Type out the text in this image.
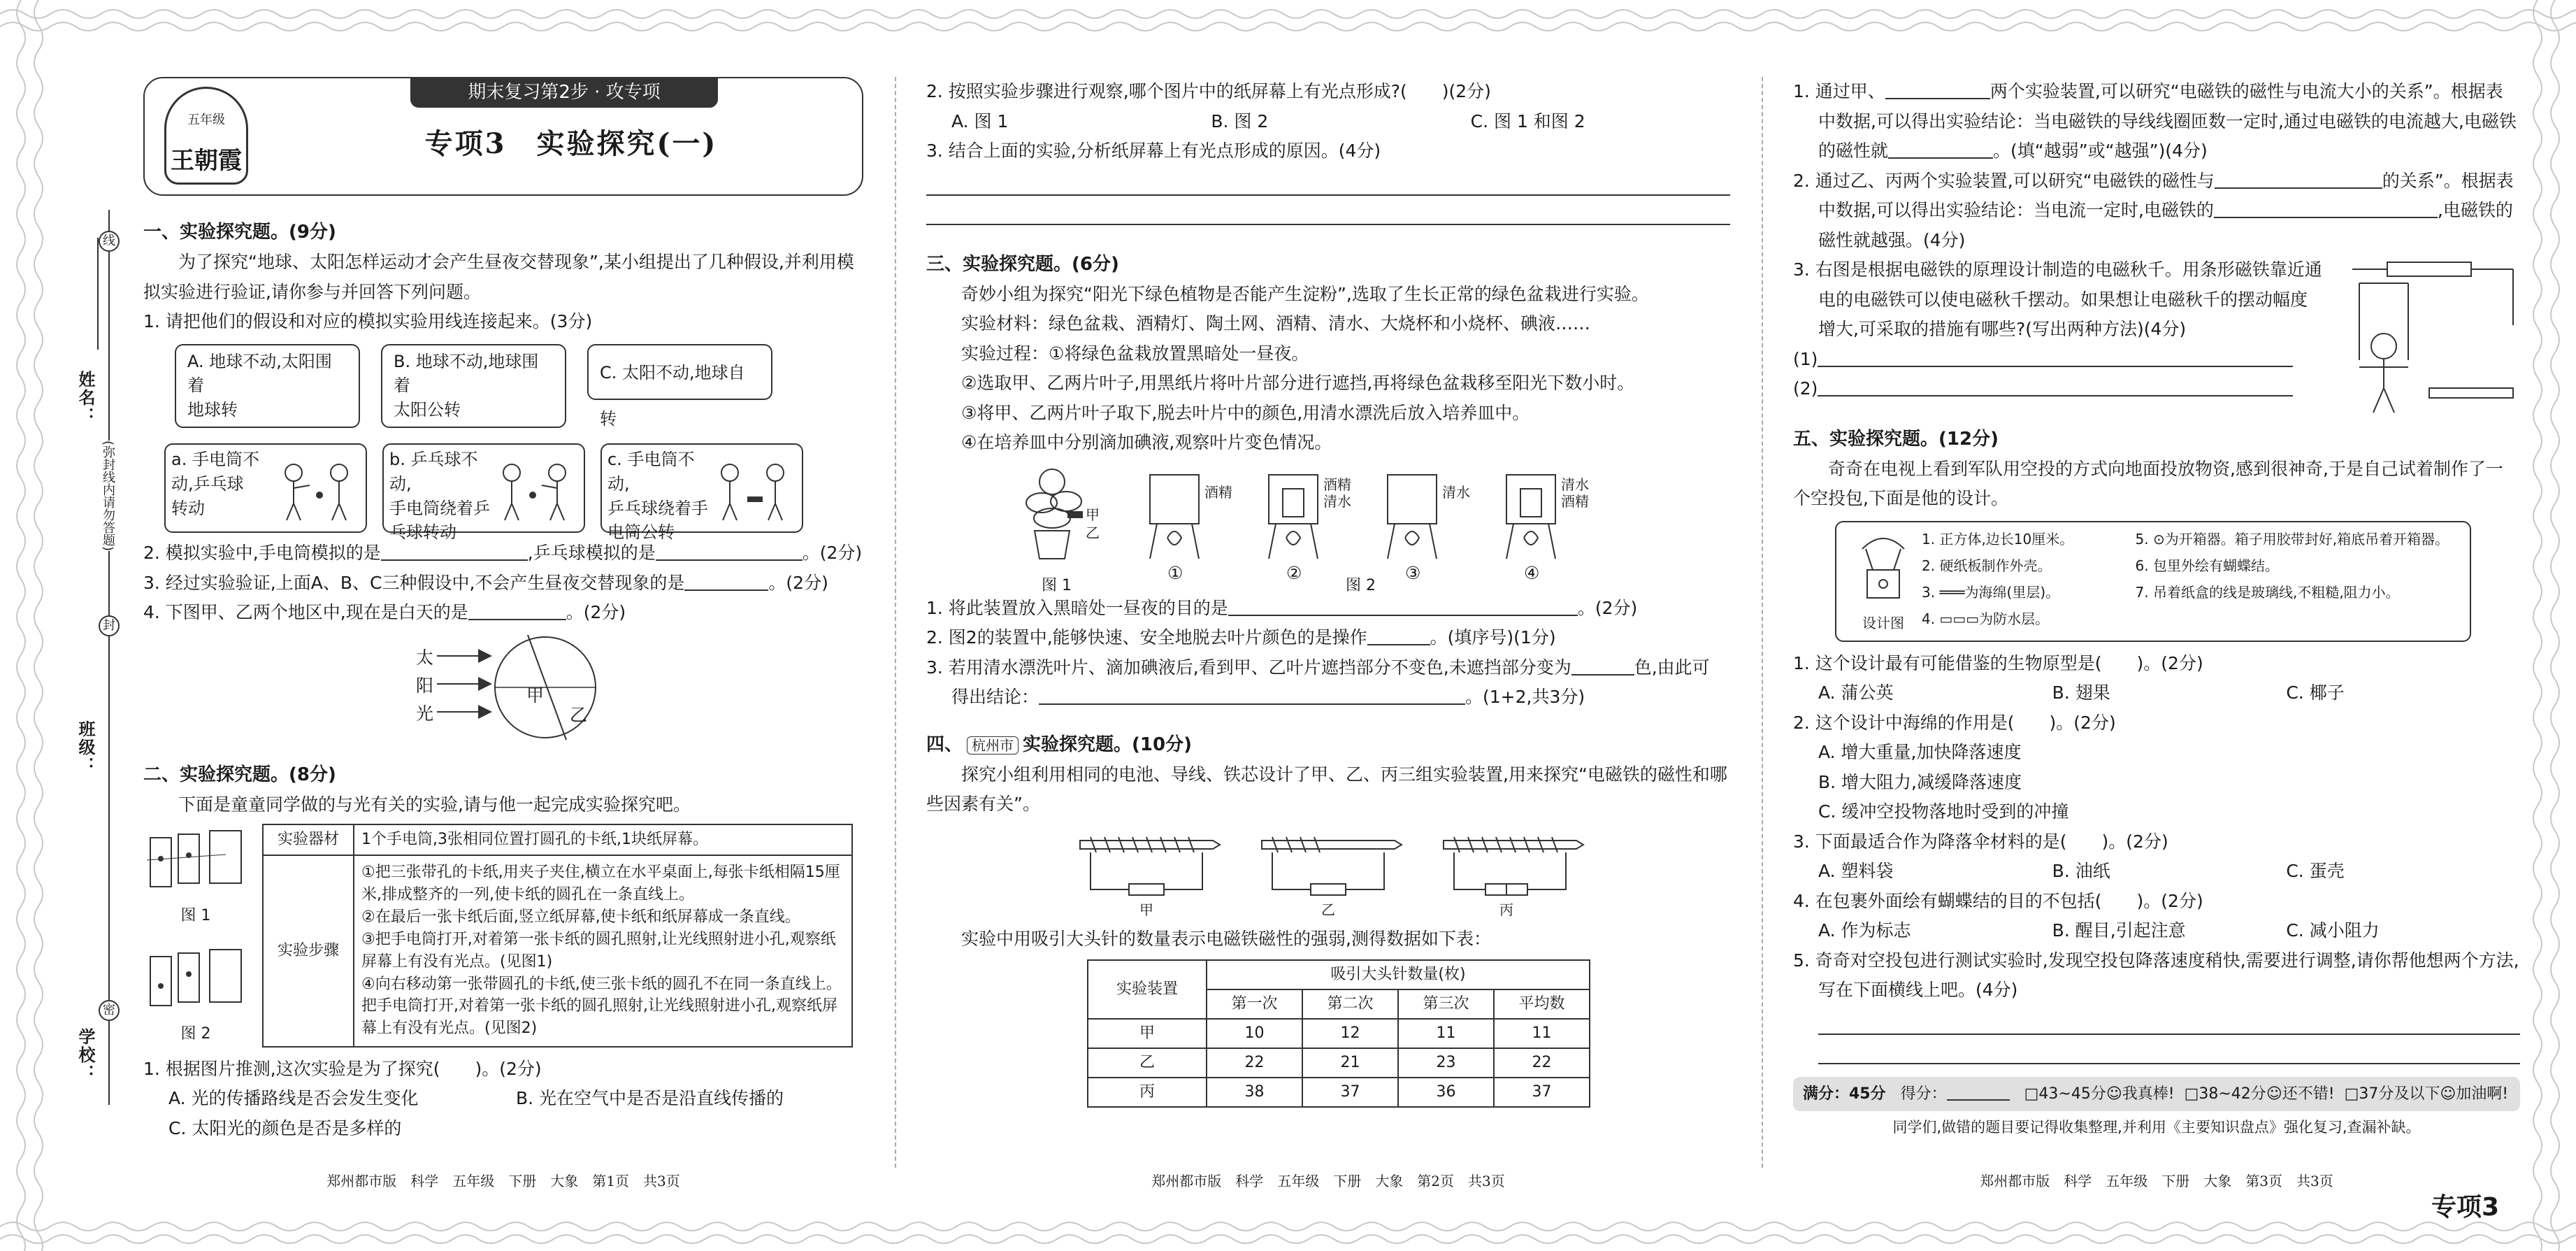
姓名：
班级：
学校：
线
封
密
(弥封线内请勿答题)
期末复习第2步 · 攻专项
五年级
王朝霞
专项3　实验探究(一)

一、实验探究题。(9分)

为了探究“地球、太阳怎样运动才会产生昼夜交替现象”,某小组提出了几种假设,并利用模拟实验进行验证,请你参与并回答下列问题。

1. 请把他们的假设和对应的模拟实验用线连接起来。(3分)

A. 地球不动,太阳围着
地球转
B. 地球不动,地球围着
太阳公转
C. 太阳不动,地球自转
a. 手电筒不
动,乒乓球
转动
b. 乒乓球不动,
手电筒绕着乒
乓球转动
c. 手电筒不动,
乒乓球绕着手
电筒公转

2. 模拟实验中,手电筒模拟的是	,乒乓球模拟的是	。(2分)

3. 经过实验验证,上面A、B、C三种假设中,不会产生昼夜交替现象的是	。(2分)

4. 下图甲、乙两个地区中,现在是白天的是	。(2分)

太
阳
光
甲
乙

二、实验探究题。(8分)

下面是童童同学做的与光有关的实验,请与他一起完成实验探究吧。

图 1
图 2
实验器材	1个手电筒,3张相同位置打圆孔的卡纸,1块纸屏幕。
实验步骤	①把三张带孔的卡纸,用夹子夹住,横立在水平桌面上,每张卡纸相隔15厘米,排成整齐的一列,使卡纸的圆孔在一条直线上。
②在最后一张卡纸后面,竖立纸屏幕,使卡纸和纸屏幕成一条直线。
③把手电筒打开,对着第一张卡纸的圆孔照射,让光线照射进小孔,观察纸屏幕上有没有光点。(见图1)
④向右移动第一张带圆孔的卡纸,使三张卡纸的圆孔不在同一条直线上。把手电筒打开,对着第一张卡纸的圆孔照射,让光线照射进小孔,观察纸屏幕上有没有光点。(见图2)

1. 根据图片推测,这次实验是为了探究(　　)。(2分)

A. 光的传播路线是否会发生变化	B. 光在空气中是否是沿直线传播的
C. 太阳光的颜色是否是多样的
郑州都市版　科学　五年级　下册　大象　第1页　共3页

2. 按照实验步骤进行观察,哪个图片中的纸屏幕上有光点形成?(　　)(2分)

A. 图 1	B. 图 2	C. 图 1 和图 2

3. 结合上面的实验,分析纸屏幕上有光点形成的原因。(4分)

三、实验探究题。(6分)

奇妙小组为探究“阳光下绿色植物是否能产生淀粉”,选取了生长正常的绿色盆栽进行实验。

实验材料：绿色盆栽、酒精灯、陶土网、酒精、清水、大烧杯和小烧杯、碘液……

实验过程：①将绿色盆栽放置黑暗处一昼夜。

②选取甲、乙两片叶子,用黑纸片将叶片部分进行遮挡,再将绿色盆栽移至阳光下数小时。

③将甲、乙两片叶子取下,脱去叶片中的颜色,用清水漂洗后放入培养皿中。

④在培养皿中分别滴加碘液,观察叶片变色情况。

甲
乙
酒精	酒精
清水
清水	清水
酒精
①	②	③	④
图 1	图 2

1. 将此装置放入黑暗处一昼夜的目的是	。(2分)

2. 图2的装置中,能够快速、安全地脱去叶片颜色的是操作	。(填序号)(1分)

3. 若用清水漂洗叶片、滴加碘液后,看到甲、乙叶片遮挡部分不变色,未遮挡部分变为	色,由此可

得出结论：	。(1+2,共3分)

四、 杭州市 实验探究题。(10分)

探究小组利用相同的电池、导线、铁芯设计了甲、乙、丙三组实验装置,用来探究“电磁铁的磁性和哪些因素有关”。

甲	乙	丙

实验中用吸引大头针的数量表示电磁铁磁性的强弱,测得数据如下表：

实验装置	吸引大头针数量(枚)			
	第一次	第二次	第三次	平均数
甲	10	12	11	11
乙	22	21	23	22
丙	38	37	36	37
郑州都市版　科学　五年级　下册　大象　第2页　共3页

1. 通过甲、	两个实验装置,可以研究“电磁铁的磁性与电流大小的关系”。根据表中数据,可以得出实验结论：当电磁铁的导线线圈匝数一定时,通过电磁铁的电流越大,电磁铁的磁性就	。(填“越弱”或“越强”)(4分)

2. 通过乙、丙两个实验装置,可以研究“电磁铁的磁性与	的关系”。根据表中数据,可以得出实验结论：当电流一定时,电磁铁的	,电磁铁的磁性就越强。(4分)

3. 右图是根据电磁铁的原理设计制造的电磁秋千。用条形磁铁靠近通电的电磁铁可以使电磁秋千摆动。如果想让电磁秋千的摆动幅度增大,可采取的措施有哪些?(写出两种方法)(4分)

(1)

(2)

五、实验探究题。(12分)

奇奇在电视上看到军队用空投的方式向地面投放物资,感到很神奇,于是自己试着制作了一个空投包,下面是他的设计。

设计图
1. 正方体,边长10厘米。	5. ⊙为开箱器。箱子用胶带封好,箱底吊着开箱器。
2. 硬纸板制作外壳。	6. 包里外绘有蝴蝶结。
3. ═══为海绵(里层)。	7. 吊着纸盒的线是玻璃线,不粗糙,阻力小。
4. ▭▭▭为防水层。

1. 这个设计最有可能借鉴的生物原型是(　　)。(2分)

A. 蒲公英	B. 翅果	C. 椰子

2. 这个设计中海绵的作用是(　　)。(2分)

A. 增大重量,加快降落速度
B. 增大阻力,减缓降落速度
C. 缓冲空投物落地时受到的冲撞

3. 下面最适合作为降落伞材料的是(　　)。(2分)

A. 塑料袋	B. 油纸	C. 蛋壳

4. 在包裹外面绘有蝴蝶结的目的不包括(　　)。(2分)

A. 作为标志	B. 醒目,引起注意	C. 减小阻力

5. 奇奇对空投包进行测试实验时,发现空投包降落速度稍快,需要进行调整,请你帮他想两个方法,写在下面横线上吧。(4分)

满分：45分 得分：	□43~45分☺我真棒! □38~42分☺还不错! □37分及以下☺加油啊!

同学们,做错的题目要记得收集整理,并利用《主要知识盘点》强化复习,查漏补缺。

郑州都市版　科学　五年级　下册　大象　第3页　共3页
专项3
